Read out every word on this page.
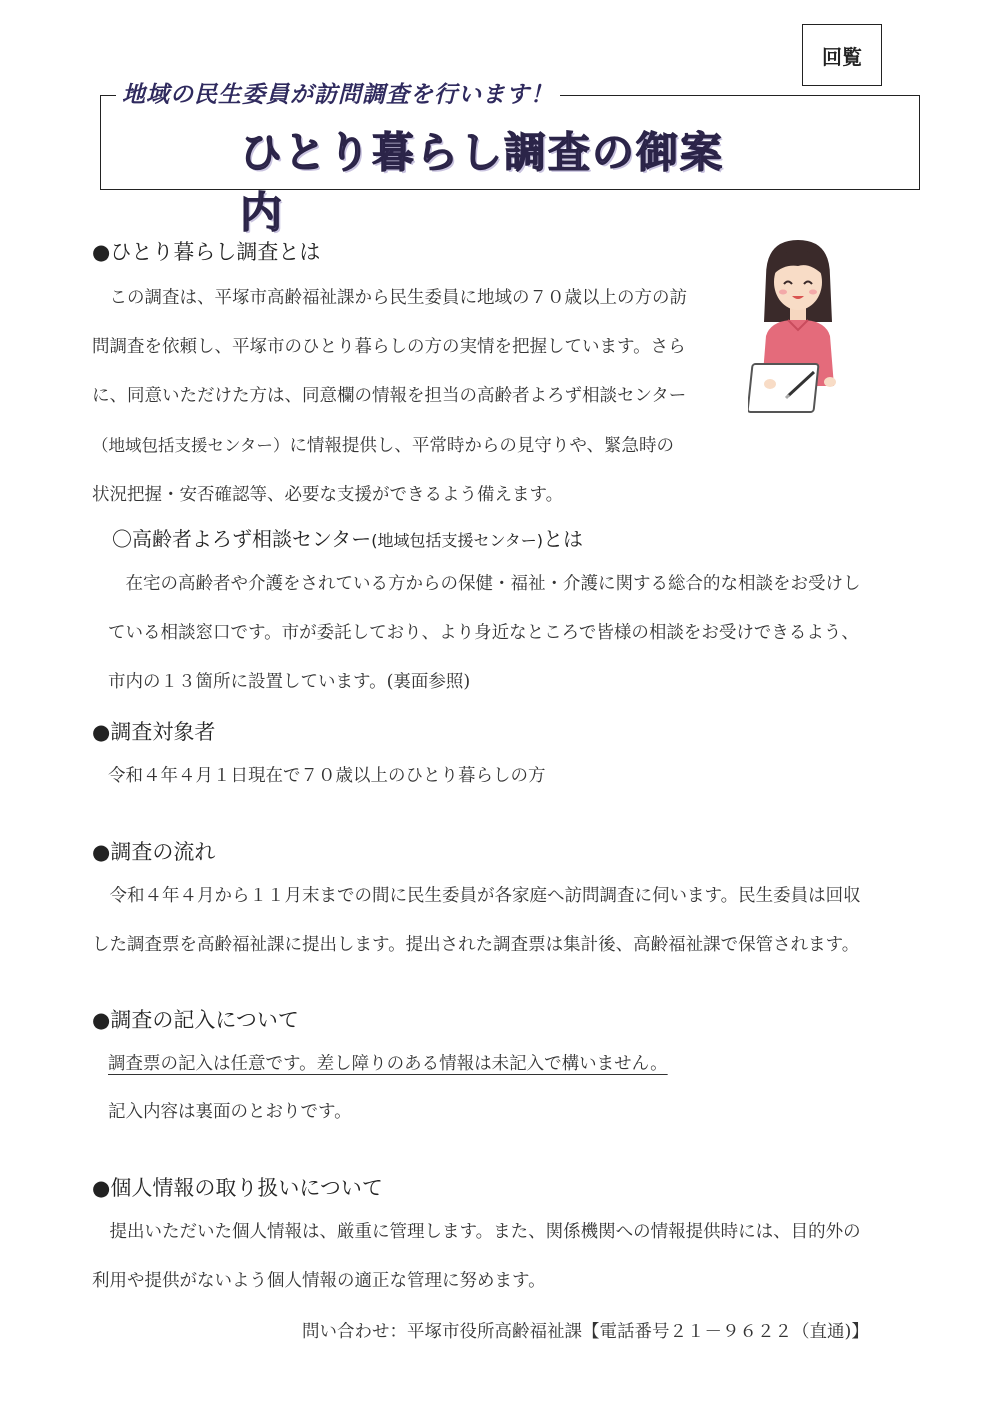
回覧
地域の民生委員が訪問調査を行います！
ひとり暮らし調査の御案内
●ひとり暮らし調査とは
この調査は、平塚市高齢福祉課から民生委員に地域の７０歳以上の方の訪
問調査を依頼し、平塚市のひとり暮らしの方の実情を把握しています。さら
に、同意いただけた方は、同意欄の情報を担当の高齢者よろず相談センター
（地域包括支援センター）に情報提供し、平常時からの見守りや、緊急時の
状況把握・安否確認等、必要な支援ができるよう備えます。
〇高齢者よろず相談センター(地域包括支援センター)とは
在宅の高齢者や介護をされている方からの保健・福祉・介護に関する総合的な相談をお受けし
ている相談窓口です。市が委託しており、より身近なところで皆様の相談をお受けできるよう、
市内の１３箇所に設置しています。(裏面参照)
●調査対象者
令和４年４月１日現在で７０歳以上のひとり暮らしの方
●調査の流れ
令和４年４月から１１月末までの間に民生委員が各家庭へ訪問調査に伺います。民生委員は回収
した調査票を高齢福祉課に提出します。提出された調査票は集計後、高齢福祉課で保管されます。
●調査の記入について
調査票の記入は任意です。差し障りのある情報は未記入で構いません。
記入内容は裏面のとおりです。
●個人情報の取り扱いについて
提出いただいた個人情報は、厳重に管理します。また、関係機関への情報提供時には、目的外の
利用や提供がないよう個人情報の適正な管理に努めます。
問い合わせ：平塚市役所高齢福祉課【電話番号２１－９６２２（直通)】
